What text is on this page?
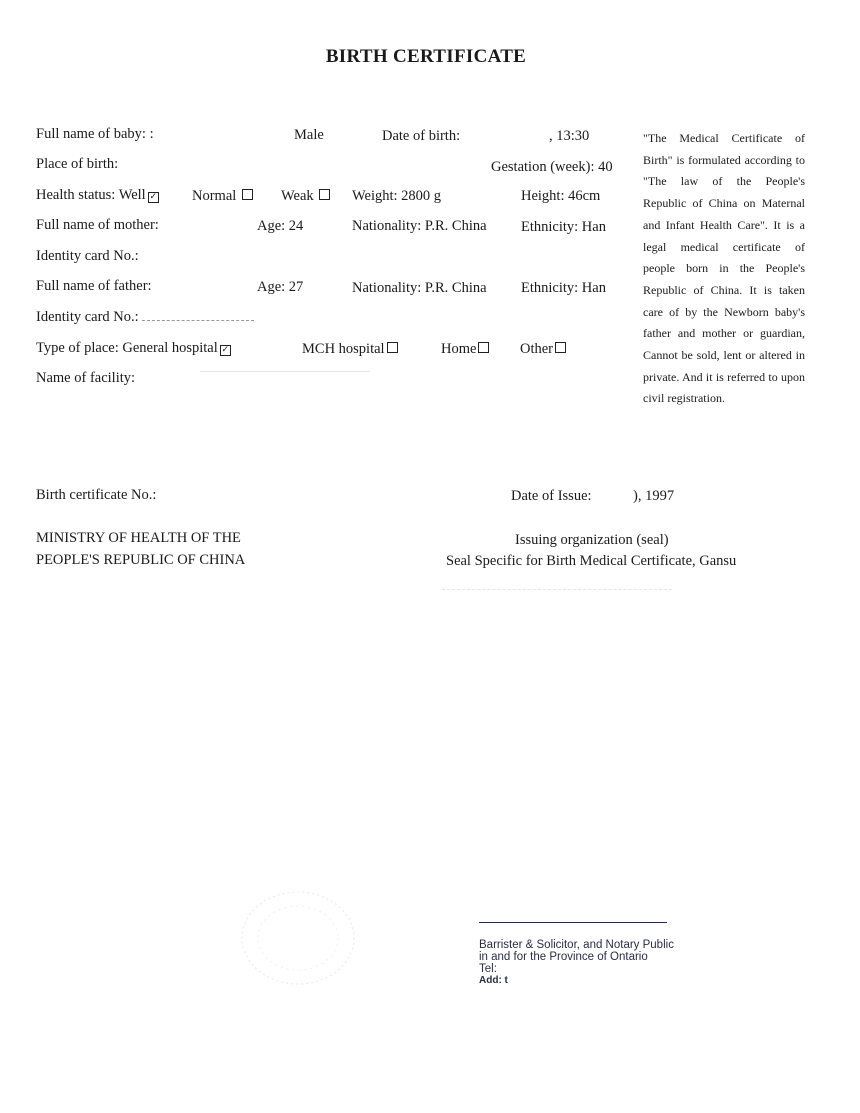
BIRTH CERTIFICATE
Full name of baby: :	Male	Date of birth:	, 13:30
Place of birth:	Gestation (week): 40
Health status: Well ✓ Normal	Weak	Weight: 2800 g	Height: 46cm
Full name of mother:	Age: 24	Nationality: P.R. China Ethnicity: Han
Identity card No.:
Full name of father:	Age: 27	Nationality: P.R. China Ethnicity: Han
Identity card No.:
Type of place: General hospital ✓	MCH hospital	Home	Other
Name of facility:
"The Medical Certificate of Birth" is formulated according to "The law of the People's Republic of China on Maternal and Infant Health Care". It is a legal medical certificate of people born in the People's Republic of China. It is taken care of by the Newborn baby's father and mother or guardian, Cannot be sold, lent or altered in private. And it is referred to upon civil registration.
Birth certificate No.:	Date of Issue:	), 1997
MINISTRY OF HEALTH OF THE
PEOPLE'S REPUBLIC OF CHINA
Issuing organization (seal)
Seal Specific for Birth Medical Certificate, Gansu
Barrister & Solicitor, and Notary Public
in and for the Province of Ontario
Tel:
Add: t
